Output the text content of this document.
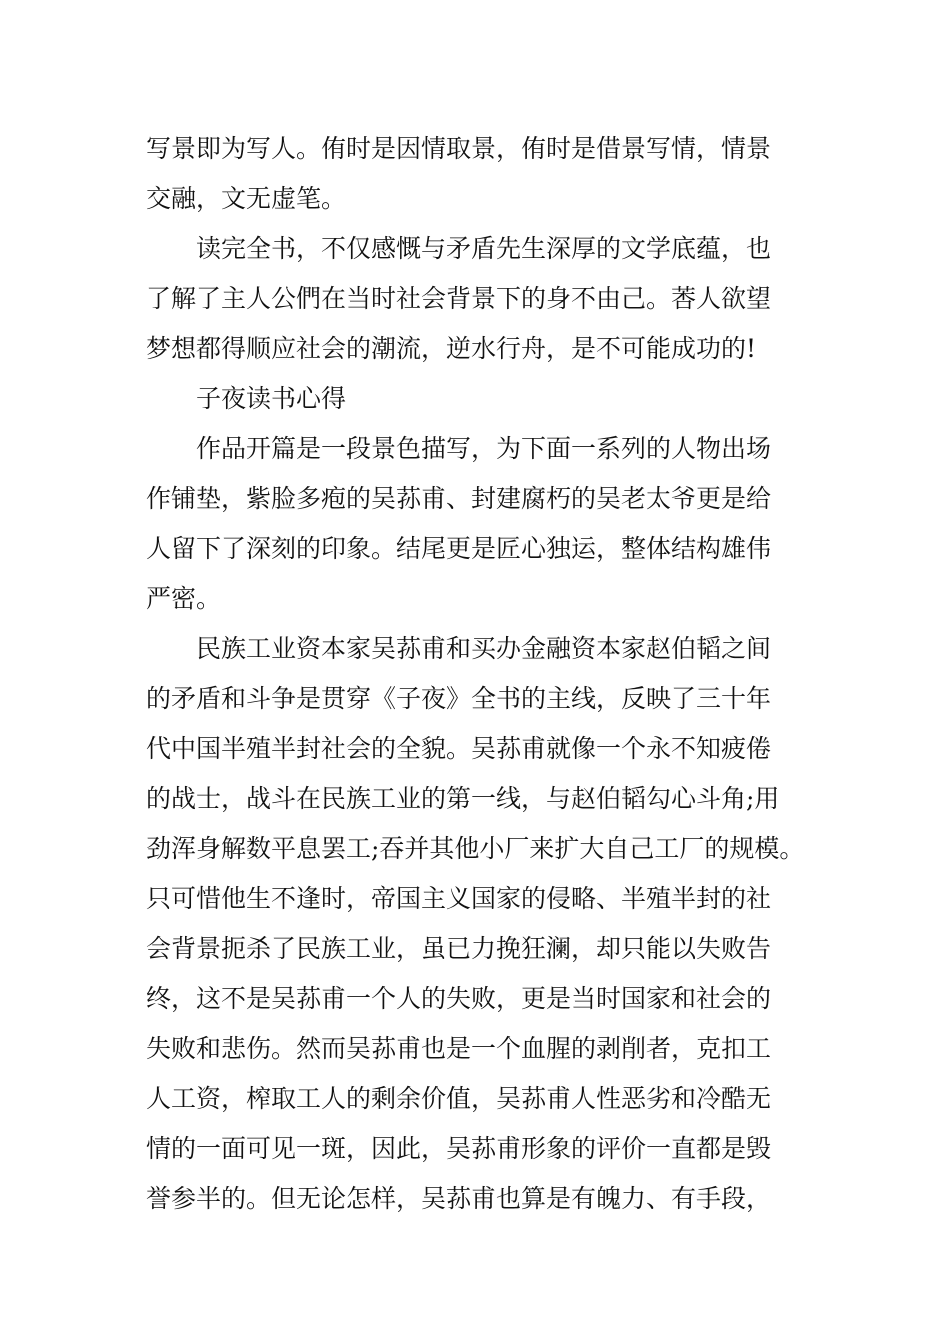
写景即为写人。侑时是因情取景，侑时是借景写情，情景
交融，文无虚笔。
读完全书，不仅感慨与矛盾先生深厚的文学底蕴，也
了解了主人公們在当时社会背景下的身不由己。莕人欲望
梦想都得顺应社会的潮流，逆水行舟，是不可能成功的!
子夜读书心得
作品开篇是一段景色描写，为下面一系列的人物出场
作铺垫，紫脸多疱的吴荪甫、封建腐朽的吴老太爷更是给
人留下了深刻的印象。结尾更是匠心独运，整体结构雄伟
严密。
民族工业资本家吴荪甫和买办金融资本家赵伯韬之间
的矛盾和斗争是贯穿《子夜》全书的主线，反映了三十年
代中国半殖半封社会的全貌。吴荪甫就像一个永不知疲倦
的战士，战斗在民族工业的第一线，与赵伯韬勾心斗角;用
劲浑身解数平息罢工;吞并其他小厂来扩大自己工厂的规模。
只可惜他生不逢时，帝国主义国家的侵略、半殖半封的社
会背景扼杀了民族工业，虽已力挽狂澜，却只能以失败告
终，这不是吴荪甫一个人的失败，更是当时国家和社会的
失败和悲伤。然而吴荪甫也是一个血腥的剥削者，克扣工
人工资，榨取工人的剩余价值，吴荪甫人性恶劣和冷酷无
情的一面可见一斑，因此，吴荪甫形象的评价一直都是毁
誉参半的。但无论怎样，吴荪甫也算是有魄力、有手段，
